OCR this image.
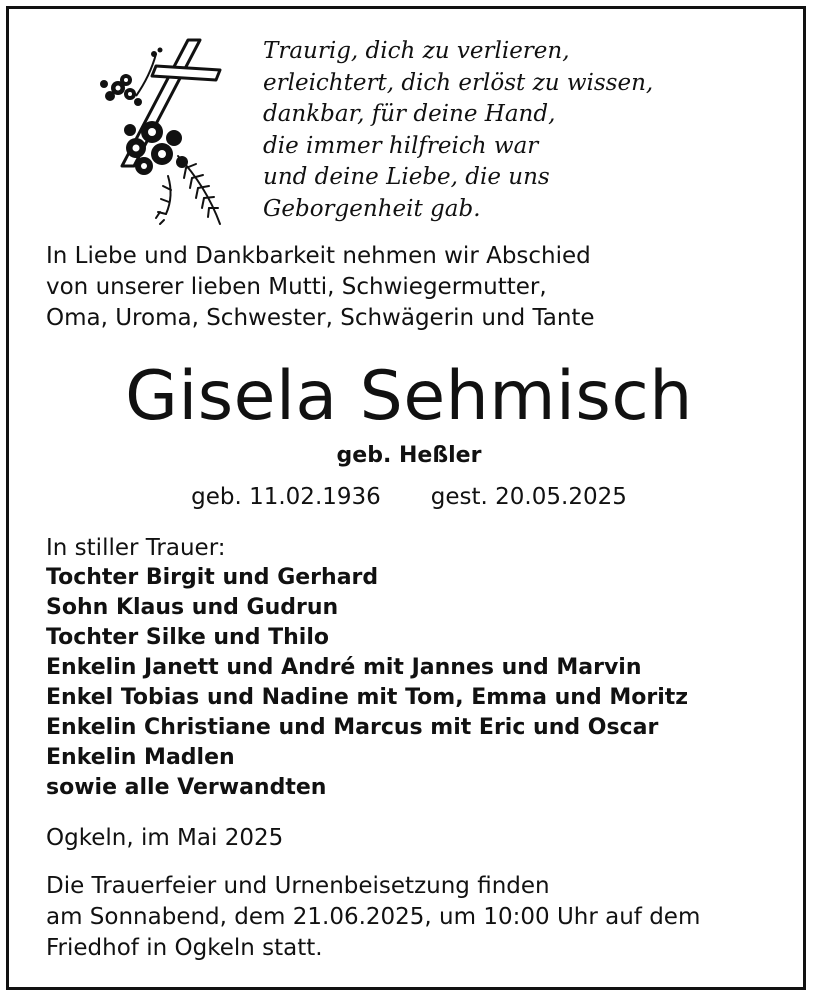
Traurig, dich zu verlieren,
erleichtert, dich erlöst zu wissen,
dankbar, für deine Hand,
die immer hilfreich war
und deine Liebe, die uns
Geborgenheit gab.
In Liebe und Dankbarkeit nehmen wir Abschied
von unserer lieben Mutti, Schwiegermutter,
Oma, Uroma, Schwester, Schwägerin und Tante
Gisela Sehmisch
geb. Heßler
geb. 11.02.1936 gest. 20.05.2025
In stiller Trauer:
Tochter Birgit und Gerhard
Sohn Klaus und Gudrun
Tochter Silke und Thilo
Enkelin Janett und André mit Jannes und Marvin
Enkel Tobias und Nadine mit Tom, Emma und Moritz
Enkelin Christiane und Marcus mit Eric und Oscar
Enkelin Madlen
sowie alle Verwandten
Ogkeln, im Mai 2025
Die Trauerfeier und Urnenbeisetzung finden
am Sonnabend, dem 21.06.2025, um 10:00 Uhr auf dem
Friedhof in Ogkeln statt.
